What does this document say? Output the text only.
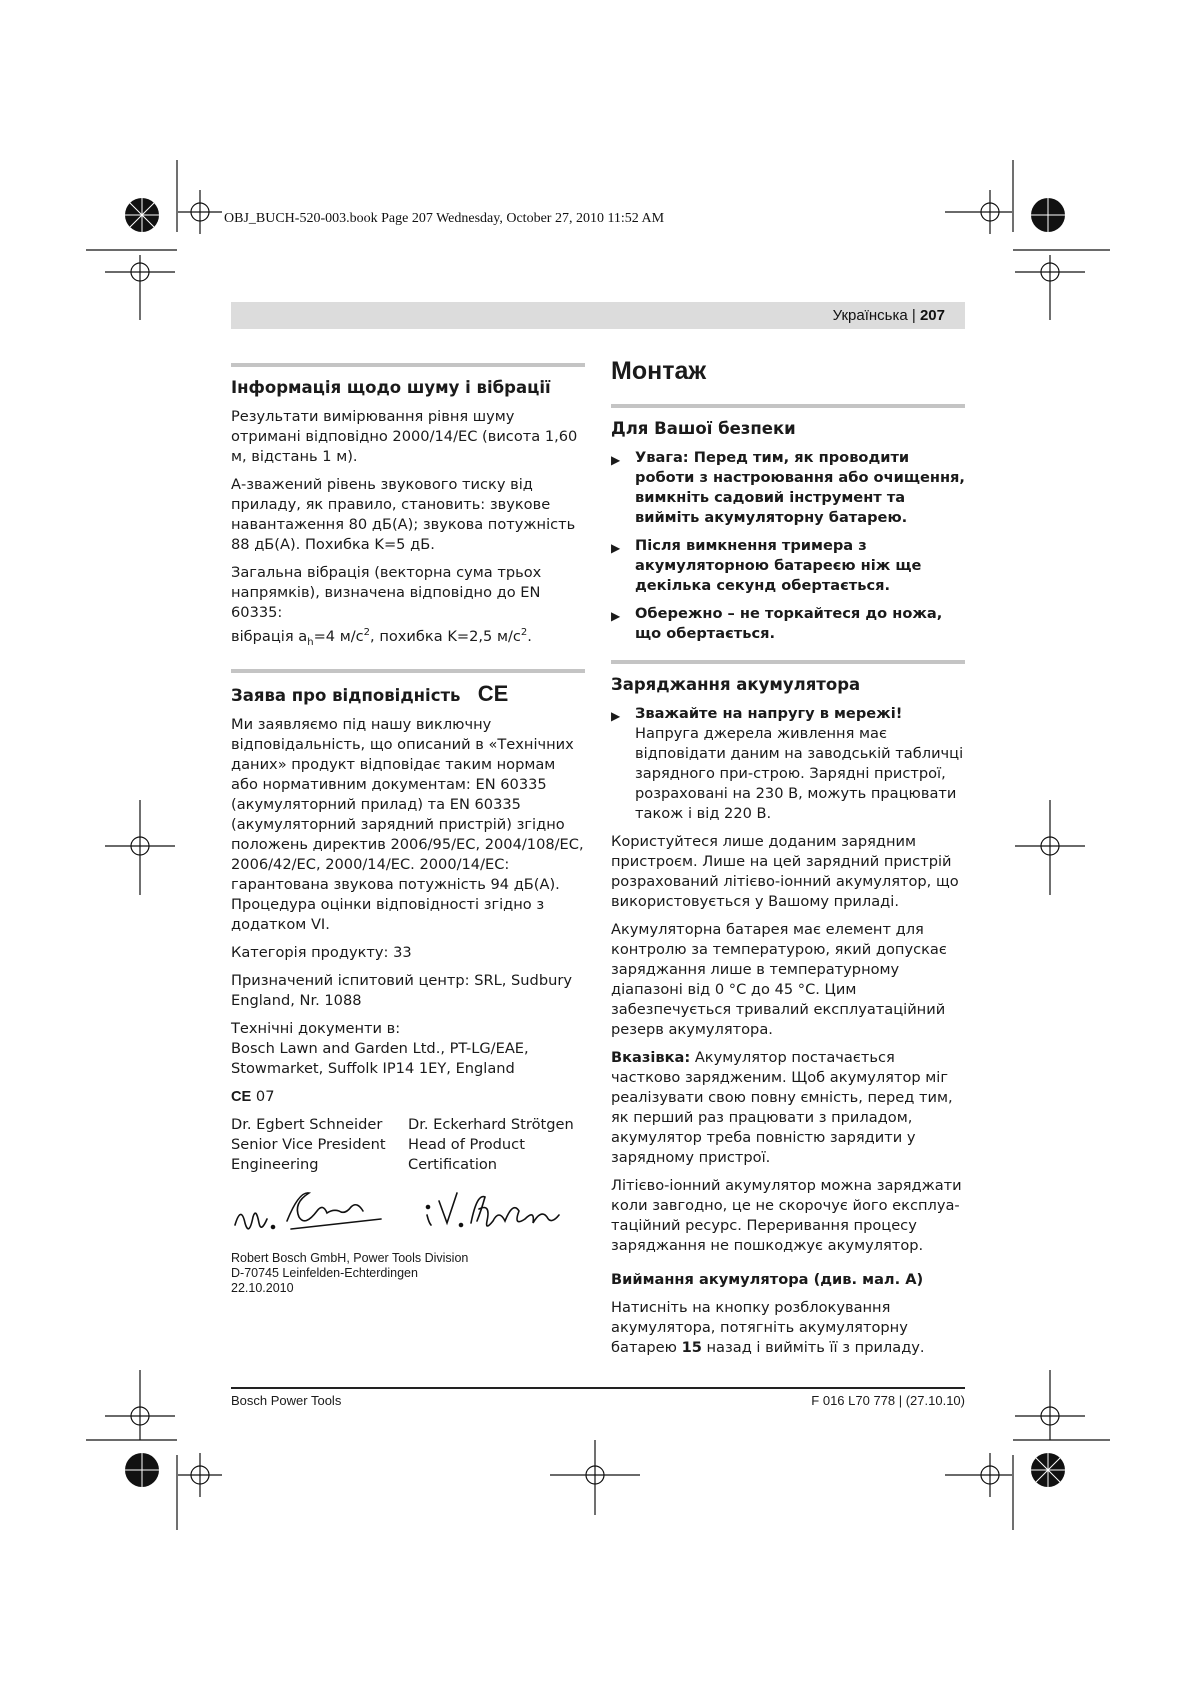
OBJ_BUCH-520-003.book Page 207 Wednesday, October 27, 2010 11:52 AM
Українська | 207
Інформація щодо шуму і вібрації

Результати вимірювання рівня шуму отримані відповідно 2000/14/EC (висота 1,60 м, відстань 1 м).

А-зважений рівень звукового тиску від приладу, як правило, становить: звукове навантаження 80 дБ(А); звукова потужність 88 дБ(А). Похибка K=5 дБ.

Загальна вібрація (векторна сума трьох напрямків), визначена відповідно до EN 60335:

вібрація $a_h=4$ $м/с^2$, похибка K=2,5 $м/с^2$.

Заява про відповідність CE

Ми заявляємо під нашу виключну відповідальність, що описаний в «Технічних даних» продукт відповідає таким нормам або нормативним документам: EN 60335 (акумуляторний прилад) та EN 60335 (акумуляторний зарядний пристрій) згідно положень директив 2006/95/EC, 2004/108/EC, 2006/42/EC, 2000/14/EC. 2000/14/EC: гарантована звукова потужність 94 дБ(А). Процедура оцінки відповідності згідно з додатком VI.

Категорія продукту: 33

Призначений іспитовий центр: SRL, Sudbury England, Nr. 1088

Технічні документи в:
Bosch Lawn and Garden Ltd., PT-LG/EAE, Stowmarket, Suffolk IP14 1EY, England

CE 07

Dr. Egbert Schneider
Senior Vice President
Engineering
Dr. Eckerhard Strötgen
Head of Product
Certification
Robert Bosch GmbH, Power Tools Division
D-70745 Leinfelden-Echterdingen
22.10.2010
Монтаж
Для Вашої безпеки
▶	Увага: Перед тим, як проводити роботи з настроювання або очищення, вимкніть садовий інструмент та вийміть акумуляторну батарею.
▶	Після вимкнення тримера з акумуляторною батареєю ніж ще декілька секунд обертається.
▶	Обережно – не торкайтеся до ножа, що обертається.
Заряджання акумулятора
▶	Зважайте на напругу в мережі! Напруга джерела живлення має відповідати даним на заводській табличці зарядного при-строю. Зарядні пристрої, розраховані на 230 В, можуть працювати також і від 220 В.

Користуйтеся лише доданим зарядним пристроєм. Лише на цей зарядний пристрій розрахований літієво-іонний акумулятор, що використовується у Вашому приладі.

Акумуляторна батарея має елемент для контролю за температурою, який допускає заряджання лише в температурному діапазоні від 0 °C до 45 °C. Цим забезпечується тривалий експлуатаційний резерв акумулятора.

Вказівка: Акумулятор постачається частково зарядженим. Щоб акумулятор міг реалізувати свою повну ємність, перед тим, як перший раз працювати з приладом, акумулятор треба повністю зарядити у зарядному пристрої.

Літієво-іонний акумулятор можна заряджати коли завгодно, це не скорочує його експлуа-таційний ресурс. Переривання процесу заряджання не пошкоджує акумулятор.

Виймання акумулятора (див. мал. A)

Натисніть на кнопку розблокування акумулятора, потягніть акумуляторну батарею 15 назад і вийміть її з приладу.

Bosch Power Tools	F 016 L70 778 | (27.10.10)
